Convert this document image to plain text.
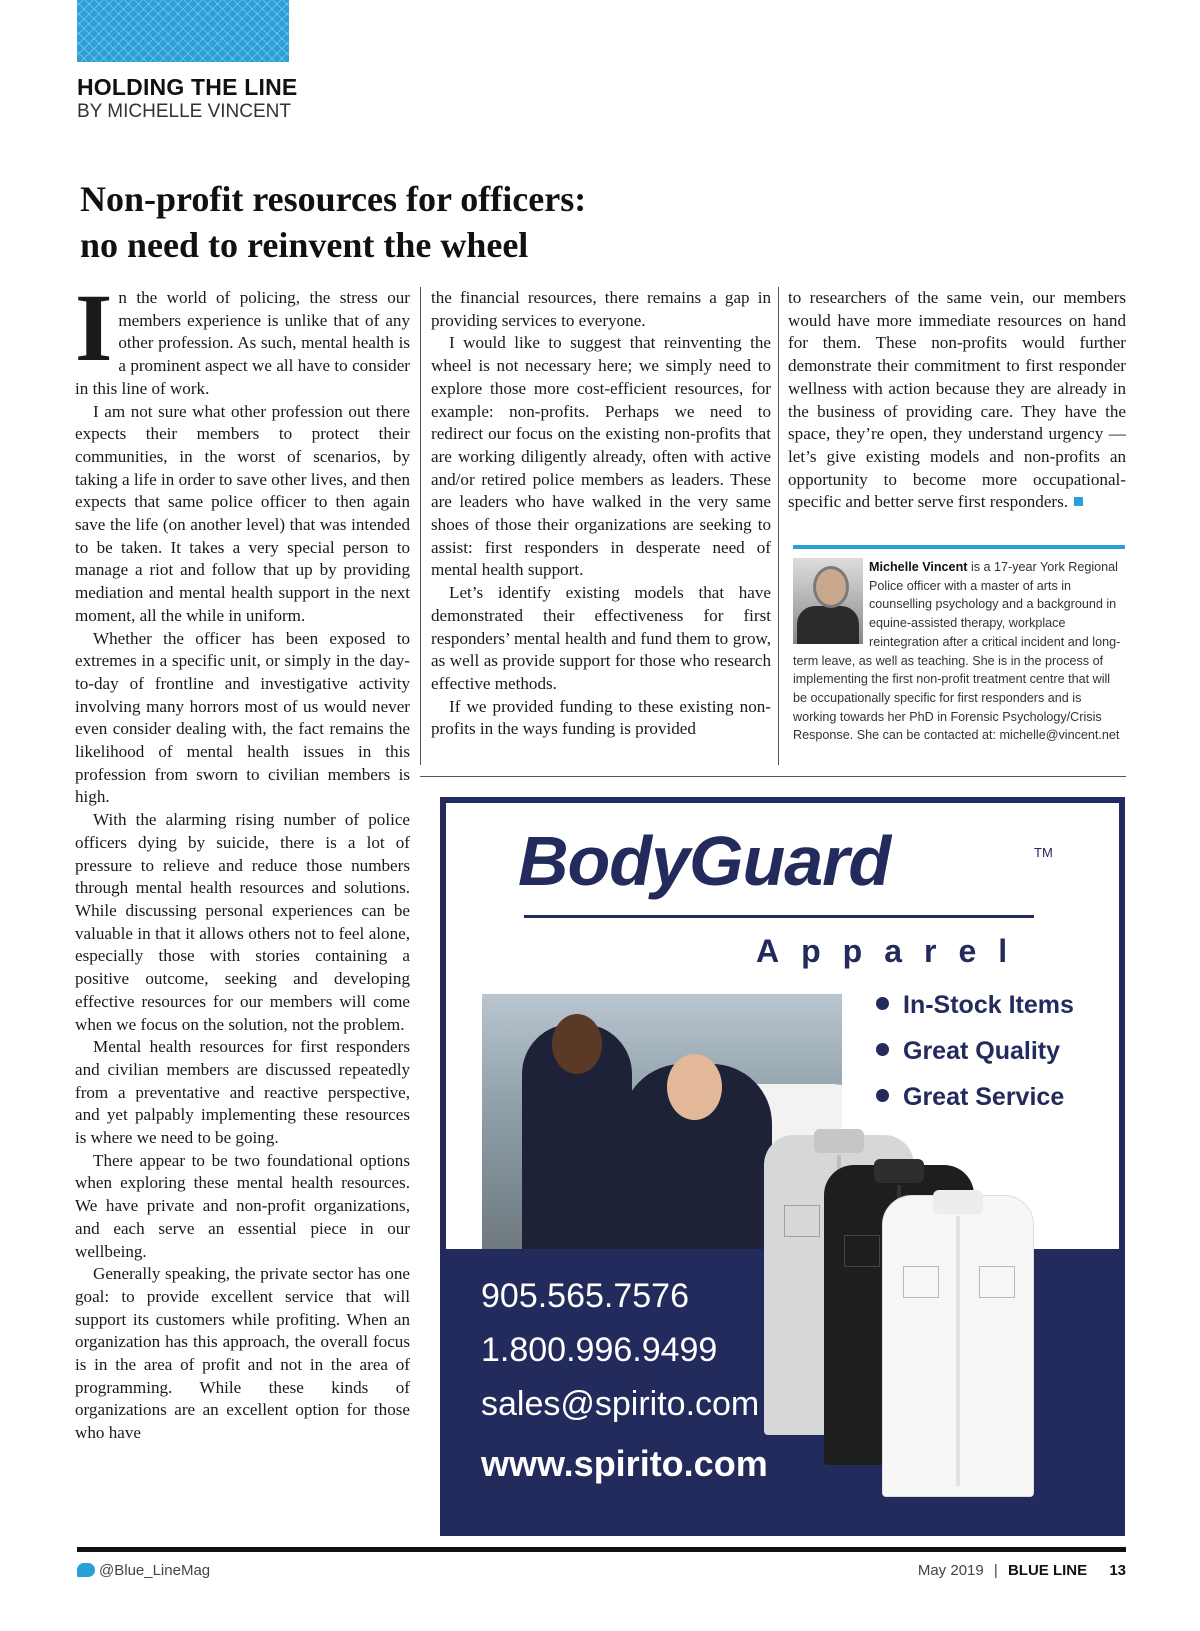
HOLDING THE LINE
BY MICHELLE VINCENT
Non-profit resources for officers:
no need to reinvent the wheel

In the world of policing, the stress our members experience is unlike that of any other profession. As such, mental health is a prominent aspect we all have to consider in this line of work.

I am not sure what other profession out there expects their members to protect their communities, in the worst of scenarios, by taking a life in order to save other lives, and then expects that same police officer to then again save the life (on another level) that was intended to be taken. It takes a very special person to manage a riot and follow that up by providing mediation and mental health support in the next moment, all the while in uniform.

Whether the officer has been exposed to extremes in a specific unit, or simply in the day-to-day of frontline and investigative activity involving many horrors most of us would never even consider dealing with, the fact remains the likelihood of mental health issues in this profession from sworn to civilian members is high.

With the alarming rising number of police officers dying by suicide, there is a lot of pressure to relieve and reduce those numbers through mental health resources and solutions. While discussing personal experiences can be valuable in that it allows others not to feel alone, especially those with stories containing a positive outcome, seeking and developing effective resources for our members will come when we focus on the solution, not the problem.

Mental health resources for first responders and civilian members are discussed repeatedly from a preventative and reactive perspective, and yet palpably implementing these resources is where we need to be going.

There appear to be two foundational options when exploring these mental health resources. We have private and non-profit organizations, and each serve an essential piece in our wellbeing.

Generally speaking, the private sector has one goal: to provide excellent service that will support its customers while profiting. When an organization has this approach, the overall focus is in the area of profit and not in the area of programming. While these kinds of organizations are an excellent option for those who have

the financial resources, there remains a gap in providing services to everyone.

I would like to suggest that reinventing the wheel is not necessary here; we simply need to explore those more cost-efficient resources, for example: non-profits. Perhaps we need to redirect our focus on the existing non-profits that are working diligently already, often with active and/or retired police members as leaders. These are leaders who have walked in the very same shoes of those their organizations are seeking to assist: first responders in desperate need of mental health support.

Let’s identify existing models that have demonstrated their effectiveness for first responders’ mental health and fund them to grow, as well as provide support for those who research effective methods.

If we provided funding to these existing non-profits in the ways funding is provided

to researchers of the same vein, our members would have more immediate resources on hand for them. These non-profits would further demonstrate their commitment to first responder wellness with action because they are already in the business of providing care. They have the space, they’re open, they understand urgency — let’s give existing models and non-profits an opportunity to become more occupational-specific and better serve first responders.

Michelle Vincent is a 17-year York Regional Police officer with a master of arts in counselling psychology and a background in equine-assisted therapy, workplace reintegration after a critical incident and long-term leave, as well as teaching. She is in the process of implementing the first non-profit treatment centre that will be occupationally specific for first responders and is working towards her PhD in Forensic Psychology/Crisis Response. She can be contacted at: michelle@vincent.net
BodyGuard	TM
Apparel
In-Stock Items
Great Quality
Great Service
905.565.7576
1.800.996.9499
sales@spirito.com
www.spirito.com
@Blue_LineMag	May 2019 | BLUE LINE 13
